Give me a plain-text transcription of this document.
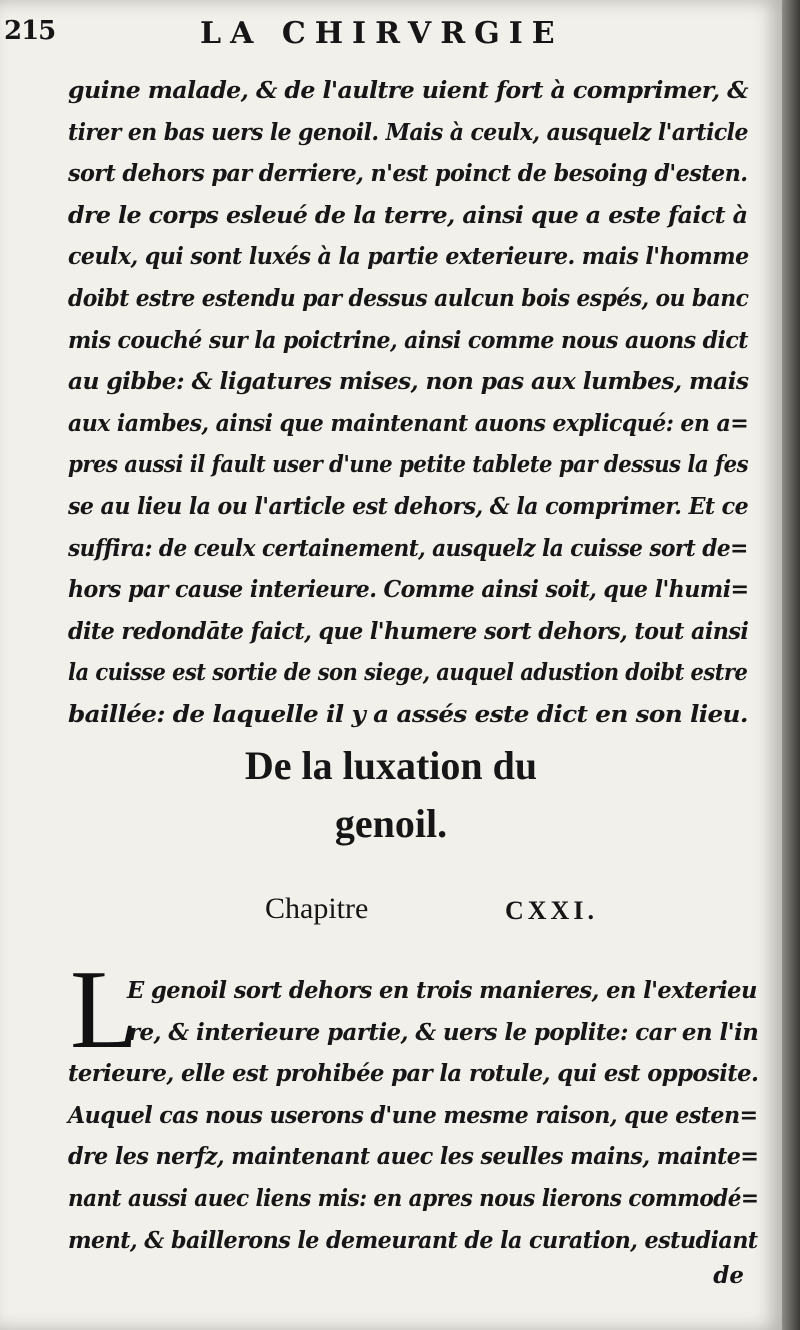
215	LA CHIRVRGIE
guine malade, & de l'aultre uient fort à comprimer, &
tirer en bas uers le genoil. Mais à ceulx, ausquelz l'article
sort dehors par derriere, n'est poinct de besoing d'esten.
dre le corps esleué de la terre, ainsi que a este faict à
ceulx, qui sont luxés à la partie exterieure. mais l'homme
doibt estre estendu par dessus aulcun bois espés, ou banc
mis couché sur la poictrine, ainsi comme nous auons dict
au gibbe: & ligatures mises, non pas aux lumbes, mais
aux iambes, ainsi que maintenant auons explicqué: en a=
pres aussi il fault user d'une petite tablete par dessus la fes
se au lieu la ou l'article est dehors, & la comprimer. Et ce
suffira: de ceulx certainement, ausquelz la cuisse sort de=
hors par cause interieure. Comme ainsi soit, que l'humi=
dite redondāte faict, que l'humere sort dehors, tout ainsi
la cuisse est sortie de son siege, auquel adustion doibt estre
baillée: de laquelle il y a assés este dict en son lieu.
De la luxation du
genoil.
Chapitre	CXXI.
L
E genoil sort dehors en trois manieres, en l'exterieu
re, & interieure partie, & uers le poplite: car en l'in
terieure, elle est prohibée par la rotule, qui est opposite.
Auquel cas nous userons d'une mesme raison, que esten=
dre les nerfz, maintenant auec les seulles mains, mainte=
nant aussi auec liens mis: en apres nous lierons commodé=
ment, & baillerons le demeurant de la curation, estudiant
de
